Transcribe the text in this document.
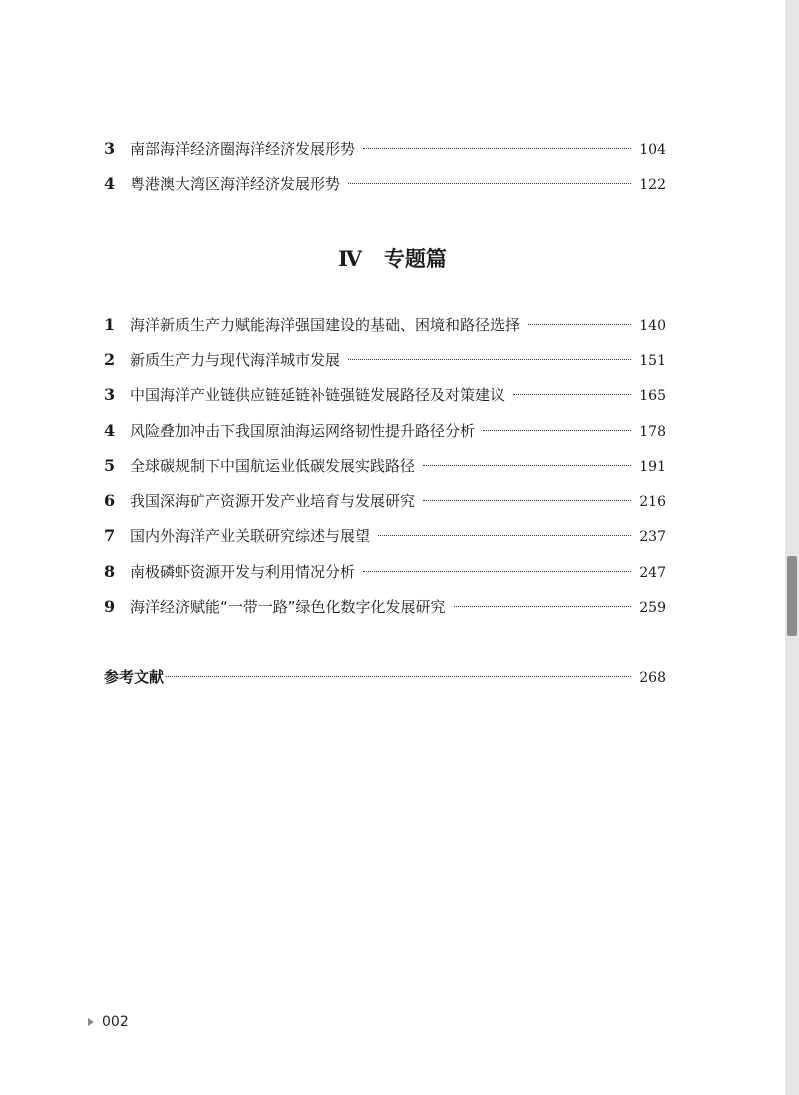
3 南部海洋经济圈海洋经济发展形势	104
4 粤港澳大湾区海洋经济发展形势	122
Ⅳ 专题篇
1 海洋新质生产力赋能海洋强国建设的基础、困境和路径选择	140
2 新质生产力与现代海洋城市发展	151
3 中国海洋产业链供应链延链补链强链发展路径及对策建议	165
4 风险叠加冲击下我国原油海运网络韧性提升路径分析	178
5 全球碳规制下中国航运业低碳发展实践路径	191
6 我国深海矿产资源开发产业培育与发展研究	216
7 国内外海洋产业关联研究综述与展望	237
8 南极磷虾资源开发与利用情况分析	247
9 海洋经济赋能“一带一路”绿色化数字化发展研究	259
参考文献	268
002
